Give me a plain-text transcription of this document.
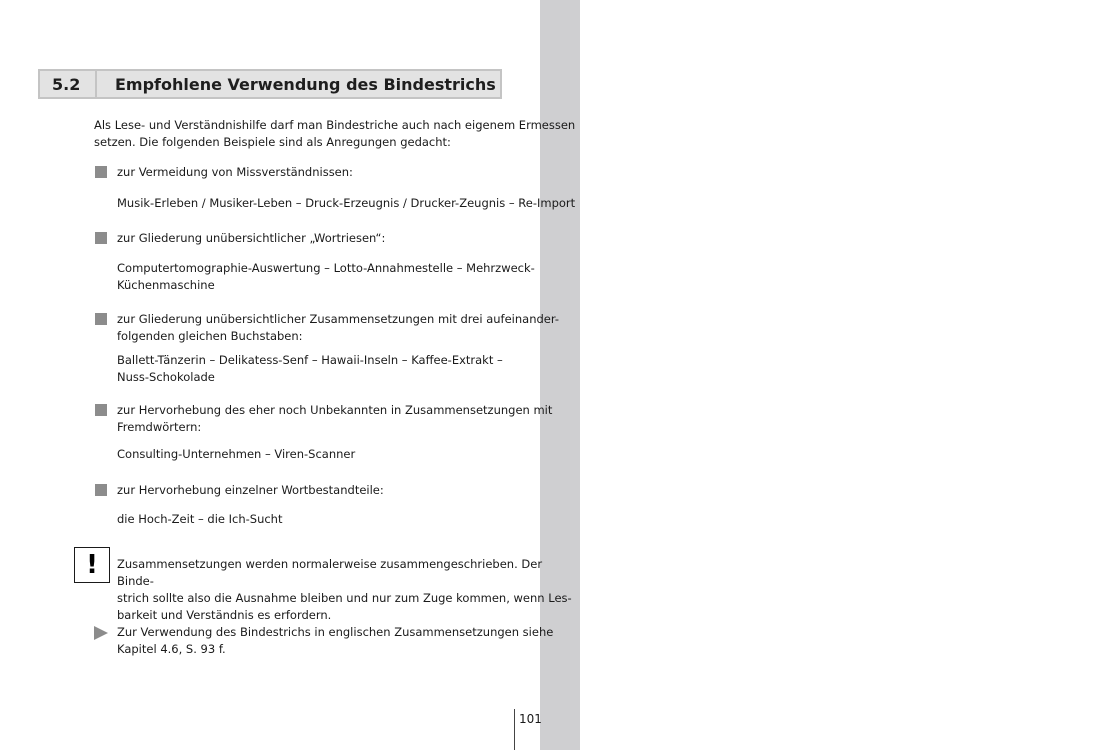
abcdefghijklmnopqrstuvwxyz
5.2	Empfohlene Verwendung des Bindestrichs
Als Lese- und Verständnishilfe darf man Bindestriche auch nach eigenem Ermessen
setzen. Die folgenden Beispiele sind als Anregungen gedacht:
zur Vermeidung von Missverständnissen:
Musik-Erleben / Musiker-Leben – Druck-Erzeugnis / Drucker-Zeugnis – Re-Import
zur Gliederung unübersichtlicher „Wortriesen“:
Computertomographie-Auswertung – Lotto-Annahmestelle – Mehrzweck-
Küchenmaschine
zur Gliederung unübersichtlicher Zusammensetzungen mit drei aufeinander-
folgenden gleichen Buchstaben:
Ballett-Tänzerin – Delikatess-Senf – Hawaii-Inseln – Kaffee-Extrakt –
Nuss-Schokolade
zur Hervorhebung des eher noch Unbekannten in Zusammensetzungen mit
Fremdwörtern:
Consulting-Unternehmen – Viren-Scanner
zur Hervorhebung einzelner Wortbestandteile:
die Hoch-Zeit – die Ich-Sucht
! Zusammensetzungen werden normalerweise zusammengeschrieben. Der Binde-
strich sollte also die Ausnahme bleiben und nur zum Zuge kommen, wenn Les-
barkeit und Verständnis es erfordern.
Zur Verwendung des Bindestrichs in englischen Zusammensetzungen siehe
Kapitel 4.6, S. 93 f.
101
